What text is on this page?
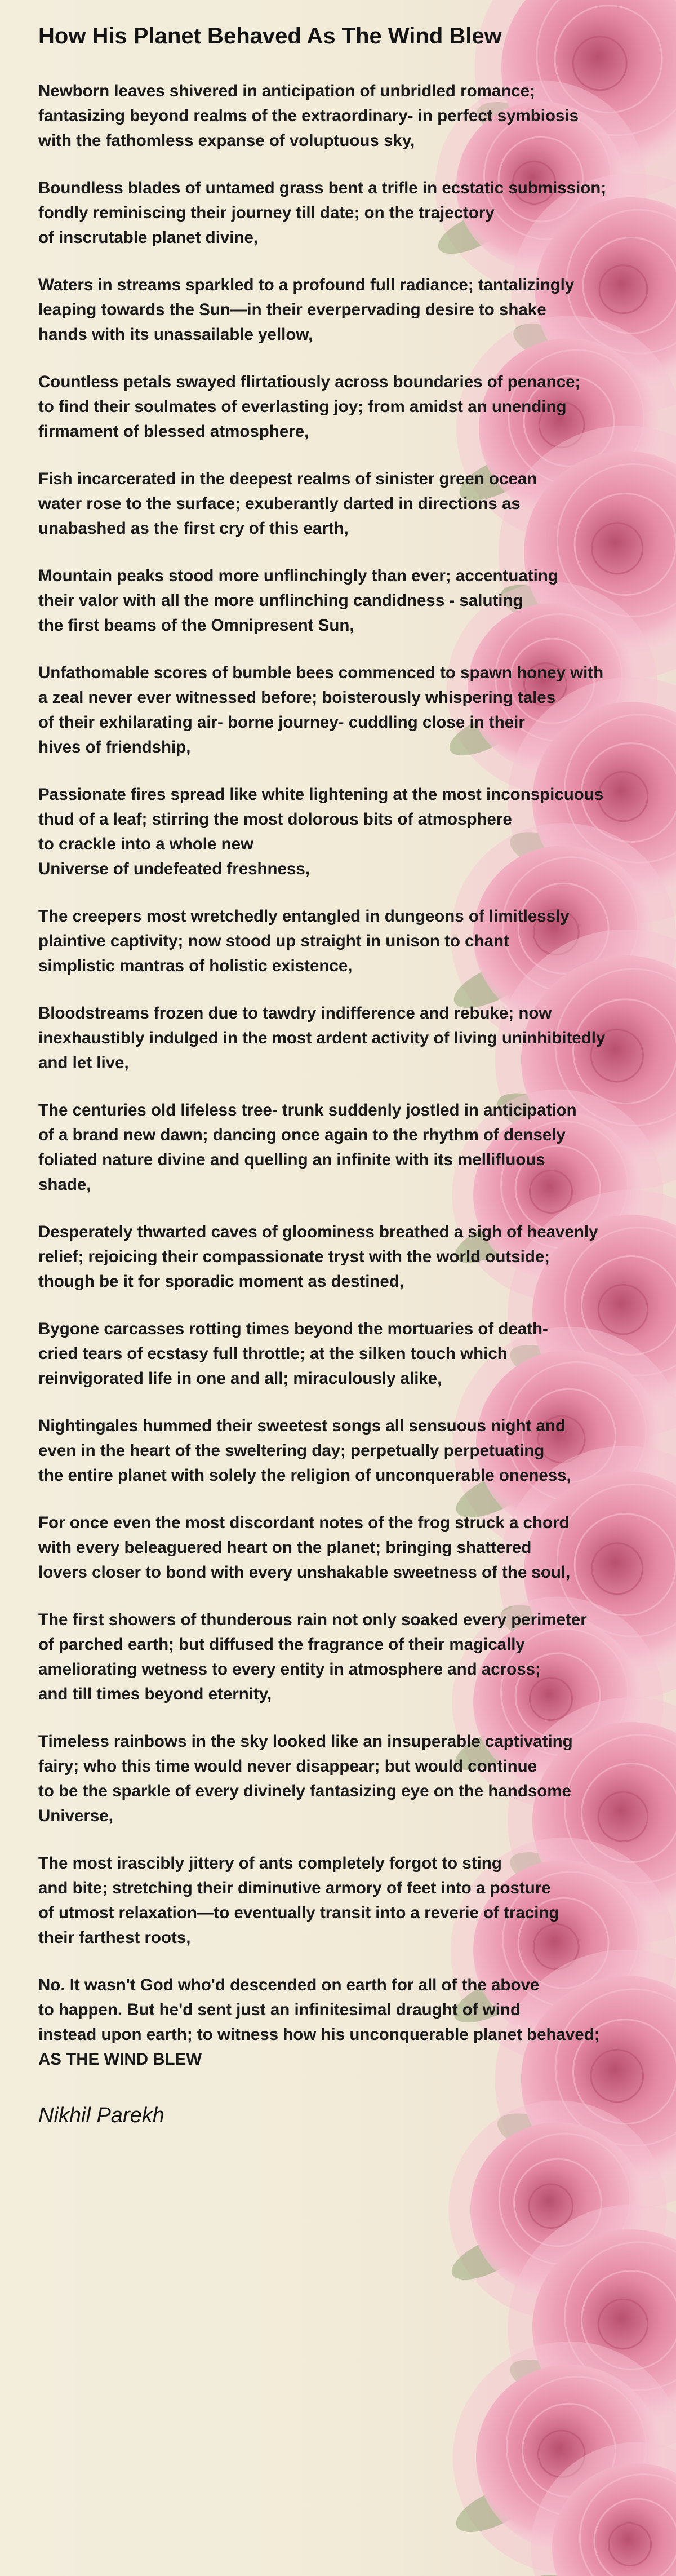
How His Planet Behaved As The Wind Blew
Newborn leaves shivered in anticipation of unbridled romance;
fantasizing beyond realms of the extraordinary- in perfect symbiosis
with the fathomless expanse of voluptuous sky,
Boundless blades of untamed grass bent a trifle in ecstatic submission;
fondly reminiscing their journey till date; on the trajectory
of inscrutable planet divine,
Waters in streams sparkled to a profound full radiance; tantalizingly
leaping towards the Sun—in their everpervading desire to shake
hands with its unassailable yellow,
Countless petals swayed flirtatiously across boundaries of penance;
to find their soulmates of everlasting joy; from amidst an unending
firmament of blessed atmosphere,
Fish incarcerated in the deepest realms of sinister green ocean
water rose to the surface; exuberantly darted in directions as
unabashed as the first cry of this earth,
Mountain peaks stood more unflinchingly than ever; accentuating
their valor with all the more unflinching candidness - saluting
the first beams of the Omnipresent Sun,
Unfathomable scores of bumble bees commenced to spawn honey with
a zeal never ever witnessed before; boisterously whispering tales
of their exhilarating air- borne journey- cuddling close in their
hives of friendship,
Passionate fires spread like white lightening at the most inconspicuous
thud of a leaf; stirring the most dolorous bits of atmosphere
to crackle into a whole new
Universe of undefeated freshness,
The creepers most wretchedly entangled in dungeons of limitlessly
plaintive captivity; now stood up straight in unison to chant
simplistic mantras of holistic existence,
Bloodstreams frozen due to tawdry indifference and rebuke; now
inexhaustibly indulged in the most ardent activity of living uninhibitedly
and let live,
The centuries old lifeless tree- trunk suddenly jostled in anticipation
of a brand new dawn; dancing once again to the rhythm of densely
foliated nature divine and quelling an infinite with its mellifluous
shade,
Desperately thwarted caves of gloominess breathed a sigh of heavenly
relief; rejoicing their compassionate tryst with the world outside;
though be it for sporadic moment as destined,
Bygone carcasses rotting times beyond the mortuaries of death-
cried tears of ecstasy full throttle; at the silken touch which
reinvigorated life in one and all; miraculously alike,
Nightingales hummed their sweetest songs all sensuous night and
even in the heart of the sweltering day; perpetually perpetuating
the entire planet with solely the religion of unconquerable oneness,
For once even the most discordant notes of the frog struck a chord
with every beleaguered heart on the planet; bringing shattered
lovers closer to bond with every unshakable sweetness of the soul,
The first showers of thunderous rain not only soaked every perimeter
of parched earth; but diffused the fragrance of their magically
ameliorating wetness to every entity in atmosphere and across;
and till times beyond eternity,
Timeless rainbows in the sky looked like an insuperable captivating
fairy; who this time would never disappear; but would continue
to be the sparkle of every divinely fantasizing eye on the handsome
Universe,
The most irascibly jittery of ants completely forgot to sting
and bite; stretching their diminutive armory of feet into a posture
of utmost relaxation—to eventually transit into a reverie of tracing
their farthest roots,
No. It wasn't God who'd descended on earth for all of the above
to happen. But he'd sent just an infinitesimal draught of wind
instead upon earth; to witness how his unconquerable planet behaved;
AS THE WIND BLEW
Nikhil Parekh
